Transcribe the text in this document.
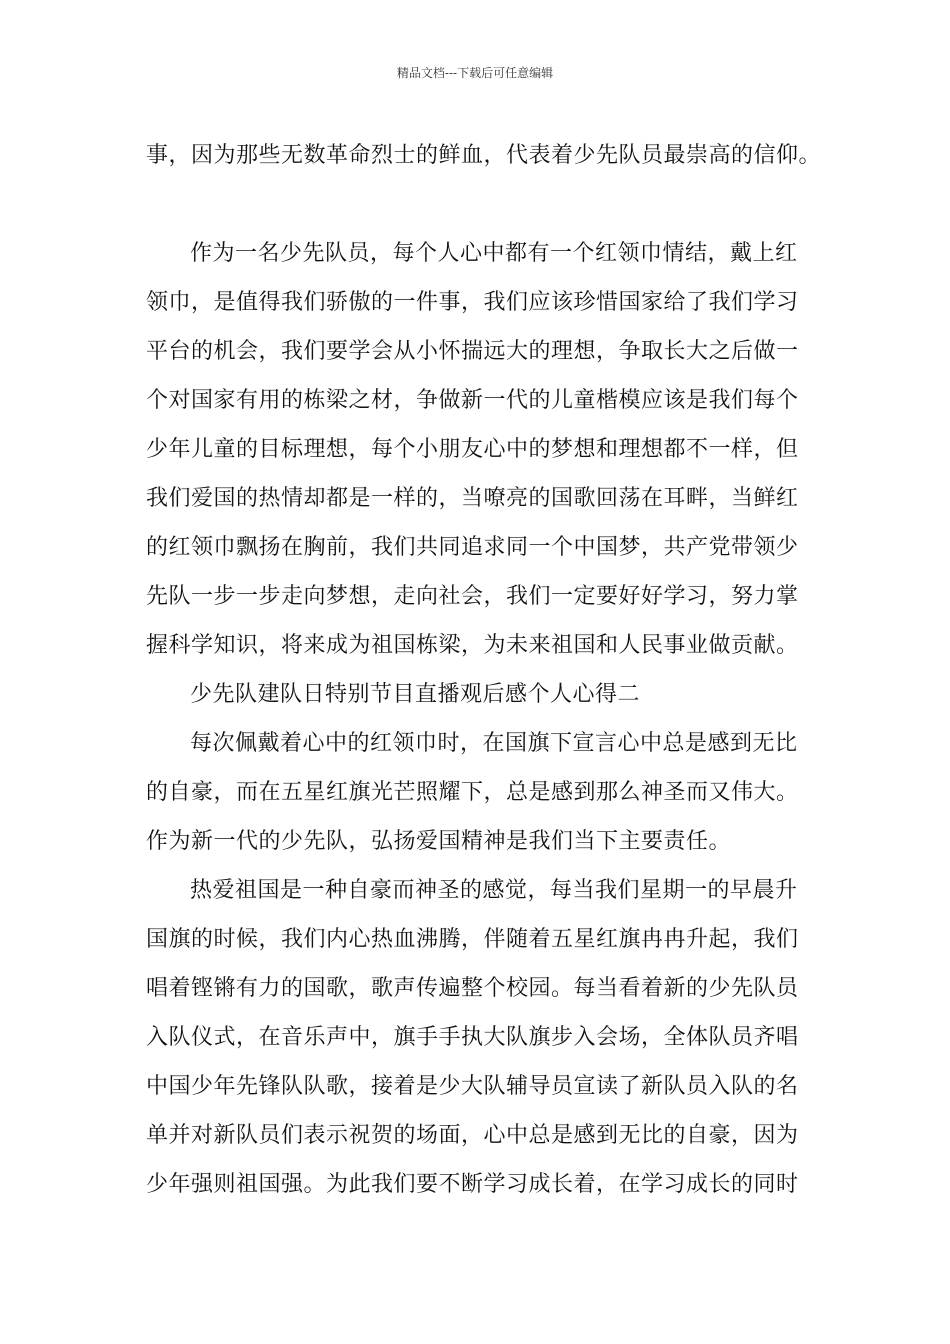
精品文档---下载后可任意编辑
事，因为那些无数革命烈士的鲜血，代表着少先队员最崇高的信仰。
作为一名少先队员，每个人心中都有一个红领巾情结，戴上红
领巾，是值得我们骄傲的一件事，我们应该珍惜国家给了我们学习
平台的机会，我们要学会从小怀揣远大的理想，争取长大之后做一
个对国家有用的栋梁之材，争做新一代的儿童楷模应该是我们每个
少年儿童的目标理想，每个小朋友心中的梦想和理想都不一样，但
我们爱国的热情却都是一样的，当嘹亮的国歌回荡在耳畔，当鲜红
的红领巾飘扬在胸前，我们共同追求同一个中国梦，共产党带领少
先队一步一步走向梦想，走向社会，我们一定要好好学习，努力掌
握科学知识，将来成为祖国栋梁，为未来祖国和人民事业做贡献。
少先队建队日特别节目直播观后感个人心得二
每次佩戴着心中的红领巾时，在国旗下宣言心中总是感到无比
的自豪，而在五星红旗光芒照耀下，总是感到那么神圣而又伟大。
作为新一代的少先队，弘扬爱国精神是我们当下主要责任。
热爱祖国是一种自豪而神圣的感觉，每当我们星期一的早晨升
国旗的时候，我们内心热血沸腾，伴随着五星红旗冉冉升起，我们
唱着铿锵有力的国歌，歌声传遍整个校园。每当看着新的少先队员
入队仪式，在音乐声中，旗手手执大队旗步入会场，全体队员齐唱
中国少年先锋队队歌，接着是少大队辅导员宣读了新队员入队的名
单并对新队员们表示祝贺的场面，心中总是感到无比的自豪，因为
少年强则祖国强。为此我们要不断学习成长着，在学习成长的同时
